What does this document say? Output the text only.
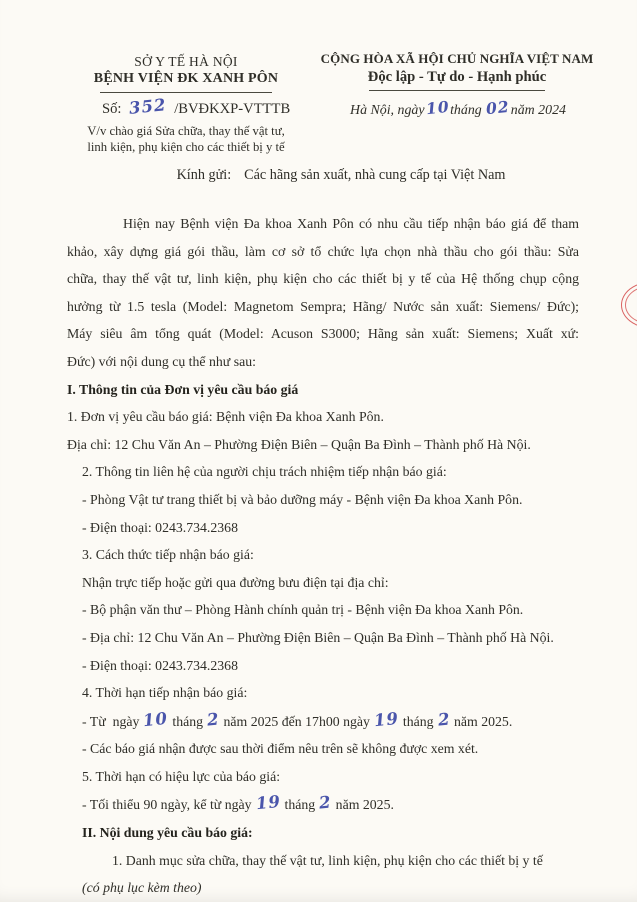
SỞ Y TẾ HÀ NỘI
BỆNH VIỆN ĐK XANH PÔN
CỘNG HÒA XÃ HỘI CHỦ NGHĨA VIỆT NAM
Độc lập - Tự do - Hạnh phúc
Số: 352 /BVĐKXP-VTTTB	Hà Nội, ngày10tháng 02năm 2024
V/v chào giá Sửa chữa, thay thế vật tư,
linh kiện, phụ kiện cho các thiết bị y tế
Kính gửi: Các hãng sản xuất, nhà cung cấp tại Việt Nam
Hiện nay Bệnh viện Đa khoa Xanh Pôn có nhu cầu tiếp nhận báo giá để tham
khảo, xây dựng giá gói thầu, làm cơ sở tổ chức lựa chọn nhà thầu cho gói thầu: Sửa
chữa, thay thế vật tư, linh kiện, phụ kiện cho các thiết bị y tế của Hệ thống chụp cộng
hưởng từ 1.5 tesla (Model: Magnetom Sempra; Hãng/ Nước sản xuất: Siemens/ Đức);
Máy siêu âm tổng quát (Model: Acuson S3000; Hãng sản xuất: Siemens; Xuất xứ:
Đức) với nội dung cụ thể như sau:
I. Thông tin của Đơn vị yêu cầu báo giá
1. Đơn vị yêu cầu báo giá: Bệnh viện Đa khoa Xanh Pôn.
Địa chỉ: 12 Chu Văn An – Phường Điện Biên – Quận Ba Đình – Thành phố Hà Nội.
2. Thông tin liên hệ của người chịu trách nhiệm tiếp nhận báo giá:
- Phòng Vật tư trang thiết bị và bảo dưỡng máy - Bệnh viện Đa khoa Xanh Pôn.
- Điện thoại: 0243.734.2368
3. Cách thức tiếp nhận báo giá:
Nhận trực tiếp hoặc gửi qua đường bưu điện tại địa chỉ:
- Bộ phận văn thư – Phòng Hành chính quản trị - Bệnh viện Đa khoa Xanh Pôn.
- Địa chỉ: 12 Chu Văn An – Phường Điện Biên – Quận Ba Đình – Thành phố Hà Nội.
- Điện thoại: 0243.734.2368
4. Thời hạn tiếp nhận báo giá:
- Từ  ngày 10 tháng 2 năm 2025 đến 17h00 ngày 19 tháng 2 năm 2025.
- Các báo giá nhận được sau thời điểm nêu trên sẽ không được xem xét.
5. Thời hạn có hiệu lực của báo giá:
- Tối thiểu 90 ngày, kể từ ngày 19 tháng 2 năm 2025.
II. Nội dung yêu cầu báo giá:
1. Danh mục sửa chữa, thay thế vật tư, linh kiện, phụ kiện cho các thiết bị y tế
(có phụ lục kèm theo)
